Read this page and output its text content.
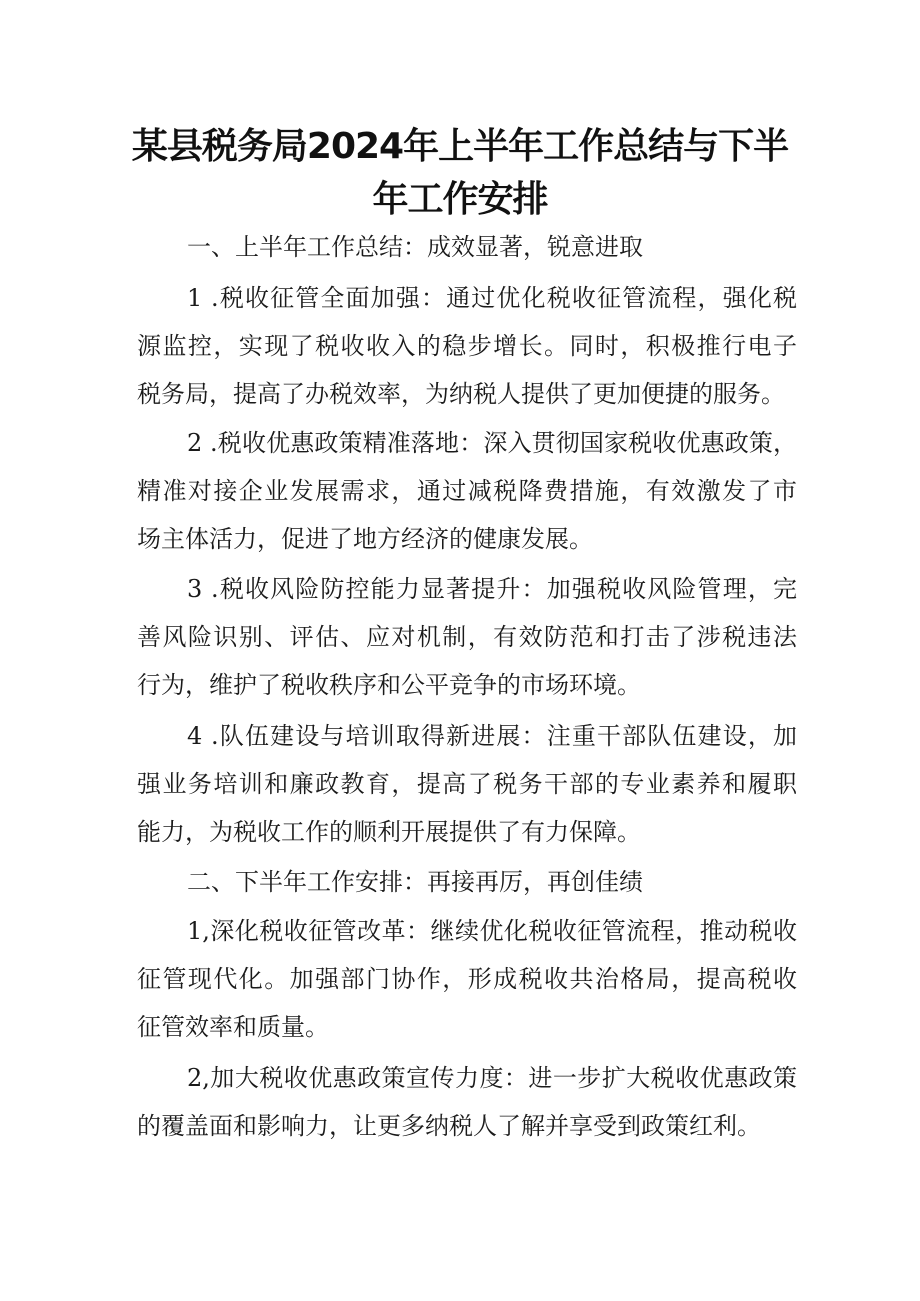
某县税务局2024年上半年工作总结与下半
年工作安排
一、上半年工作总结：成效显著，锐意进取
1 .税收征管全面加强：通过优化税收征管流程，强化税
源监控，实现了税收收入的稳步增长。同时，积极推行电子
税务局，提高了办税效率，为纳税人提供了更加便捷的服务。
2 .税收优惠政策精准落地：深入贯彻国家税收优惠政策，
精准对接企业发展需求，通过减税降费措施，有效激发了市
场主体活力，促进了地方经济的健康发展。
3 .税收风险防控能力显著提升：加强税收风险管理，完
善风险识别、评估、应对机制，有效防范和打击了涉税违法
行为，维护了税收秩序和公平竞争的市场环境。
4 .队伍建设与培训取得新进展：注重干部队伍建设，加
强业务培训和廉政教育，提高了税务干部的专业素养和履职
能力，为税收工作的顺利开展提供了有力保障。
二、下半年工作安排：再接再厉，再创佳绩
1,深化税收征管改革：继续优化税收征管流程，推动税收
征管现代化。加强部门协作，形成税收共治格局，提高税收
征管效率和质量。
2,加大税收优惠政策宣传力度：进一步扩大税收优惠政策
的覆盖面和影响力，让更多纳税人了解并享受到政策红利。
